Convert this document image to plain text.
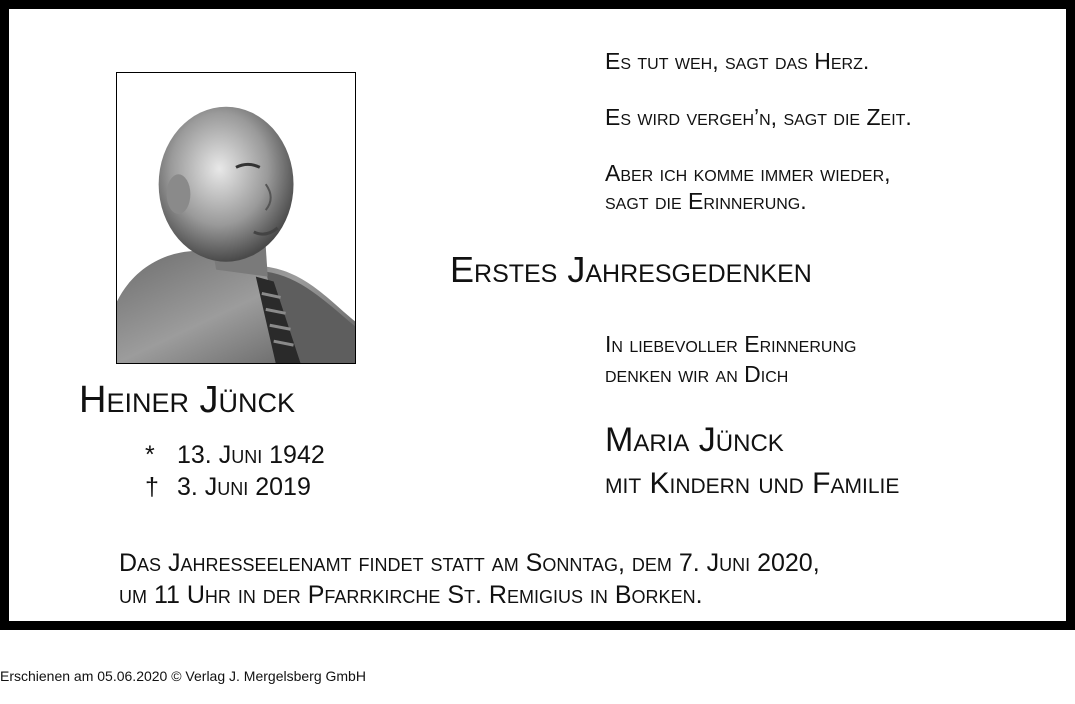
Heiner Jünck
* 13. Juni 1942
† 3. Juni 2019
Es tut weh, sagt das Herz.
Es wird vergeh’n, sagt die Zeit.
Aber ich komme immer wieder,
sagt die Erinnerung.
Erstes Jahresgedenken
In liebevoller Erinnerung
denken wir an Dich
Maria Jünck
mit Kindern und Familie
Das Jahresseelenamt findet statt am Sonntag, dem 7. Juni 2020,
um 11 Uhr in der Pfarrkirche St. Remigius in Borken.
Erschienen am 05.06.2020 © Verlag J. Mergelsberg GmbH
